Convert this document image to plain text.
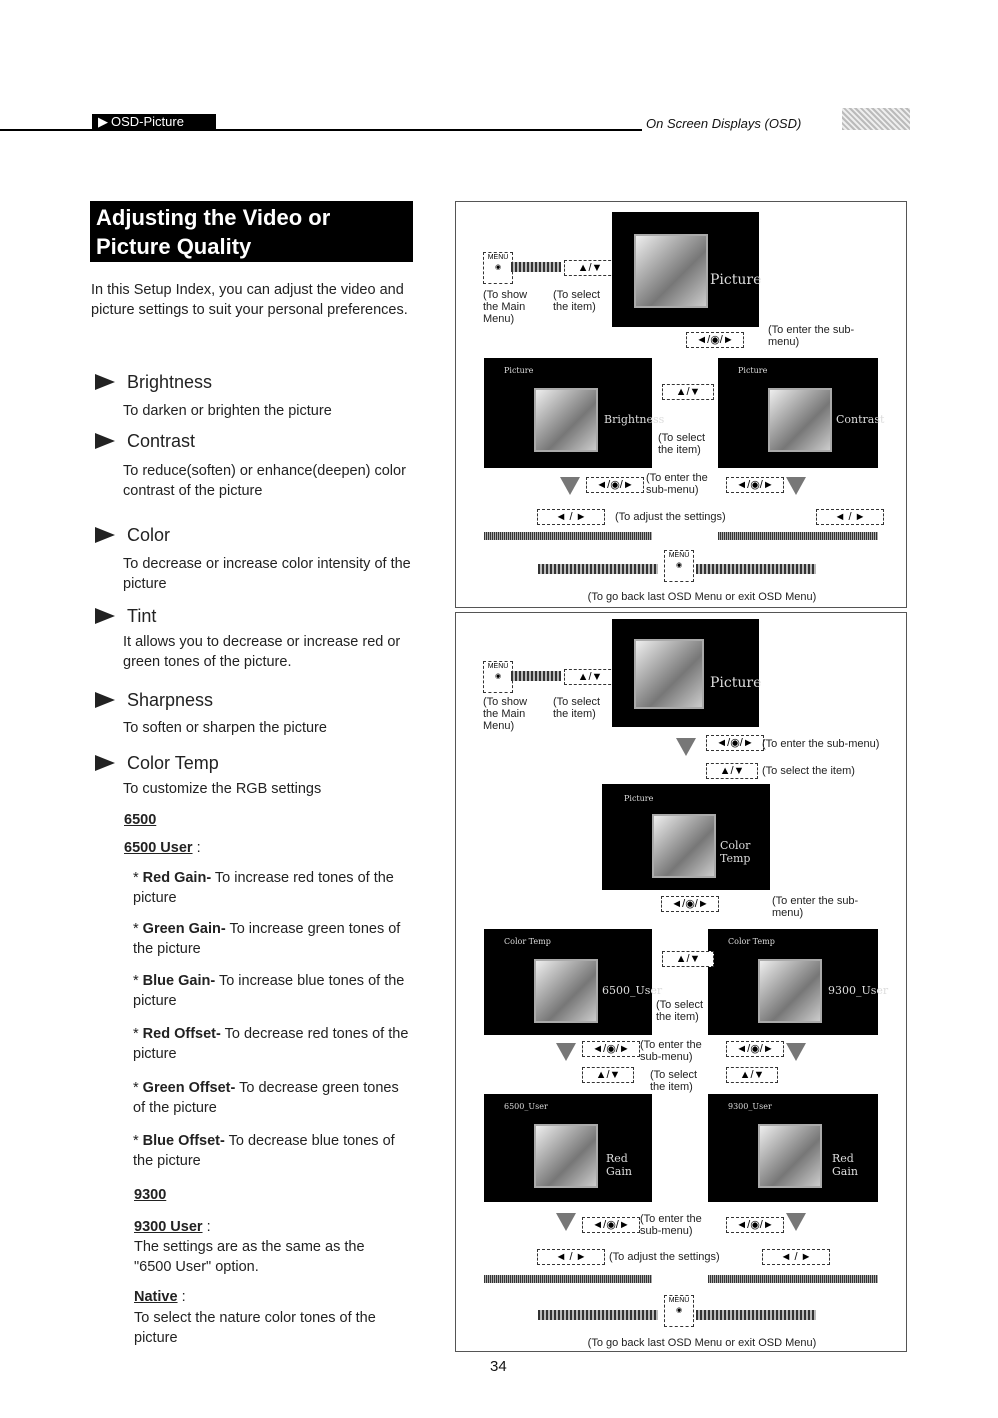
▶ OSD-Picture	On Screen Displays (OSD)
Adjusting the Video or
Picture Quality
In this Setup Index, you can adjust the video and picture settings to suit your personal preferences.
Brightness
To darken or brighten the picture
Contrast
To reduce(soften) or enhance(deepen) color contrast of the picture
Color
To decrease or increase color intensity of the picture
Tint
It allows you to decrease or increase red or green tones of the picture.
Sharpness
To soften or sharpen the picture
Color Temp
To customize the RGB settings
6500
6500 User :
* Red Gain- To increase red tones of the picture
* Green Gain- To increase green tones of the picture
* Blue Gain- To increase blue tones of the picture
* Red Offset- To decrease red tones of the picture
* Green Offset- To decrease green tones of the picture
* Blue Offset- To decrease blue tones of the picture
9300
9300 User :
The settings are as the same as the "6500 User" option.
Native :
To select the nature color tones of the picture
MENU
◉	▲/▼
(To show the Main Menu)
(To select the item)
Picture
(To enter the sub-menu)
◄/◉/►
Picture
Brightness
Picture
Contrast
▲/▼
(To select the item)
◄/◉/►
(To enter the sub-menu)	◄/◉/►
◄ / ►	(To adjust the settings)	◄ / ►
MENU
◉
(To go back last OSD Menu or exit OSD Menu)
MENU
◉	▲/▼
(To show the Main Menu)
(To select the item)
Picture
◄/◉/► (To enter the sub-menu)
▲/▼	(To select the item)
Picture
Color Temp
◄/◉/►	(To enter the sub-menu)
Color Temp
6500_User
Color Temp
9300_User
▲/▼
(To select the item)
◄/◉/► (To enter the sub-menu)
◄/◉/►
▲/▼	(To select the item)
▲/▼
6500_User
Red Gain
9300_User
Red Gain
◄/◉/► (To enter the sub-menu)	◄/◉/►
◄ / ►	(To adjust the settings)	◄ / ►
MENU
◉
(To go back last OSD Menu or exit OSD Menu)
34
